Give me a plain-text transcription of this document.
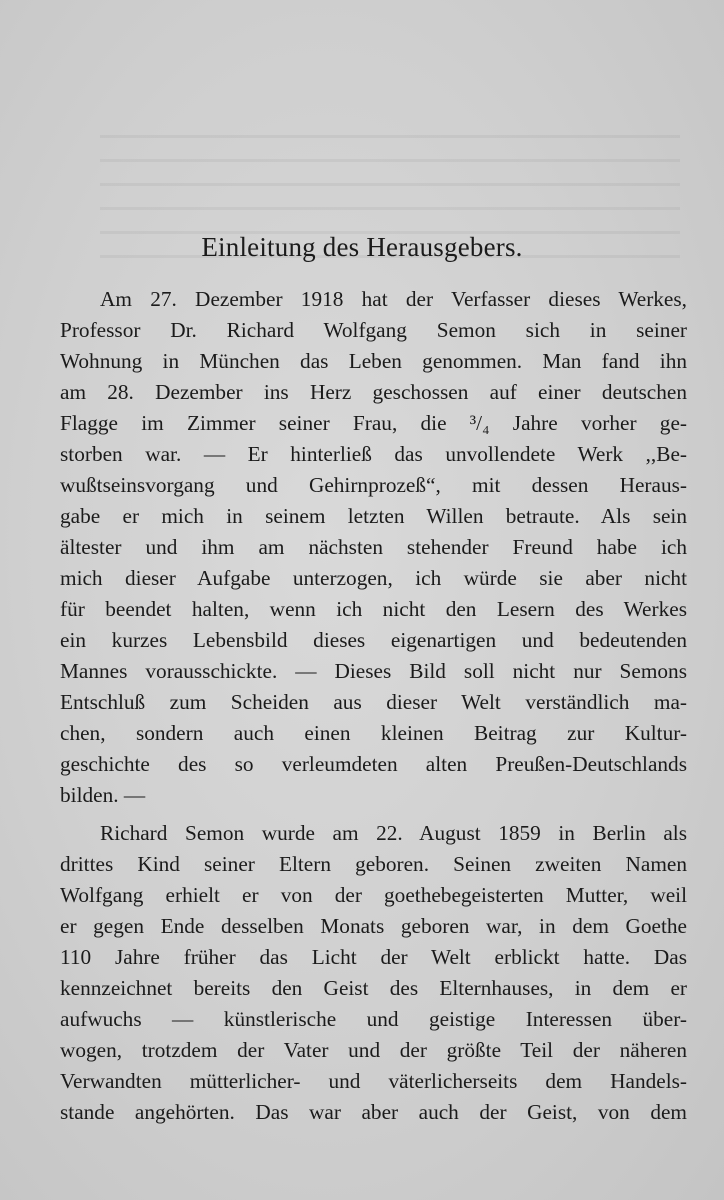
Einleitung des Herausgebers.
Am 27. Dezember 1918 hat der Verfasser dieses Werkes,
Professor Dr. Richard Wolfgang Semon sich in seiner
Wohnung in München das Leben genommen. Man fand ihn
am 28. Dezember ins Herz geschossen auf einer deutschen
Flagge im Zimmer seiner Frau, die ³/₄ Jahre vorher ge-
storben war. — Er hinterließ das unvollendete Werk ,,Be-
wußtseinsvorgang und Gehirnprozeß“, mit dessen Heraus-
gabe er mich in seinem letzten Willen betraute. Als sein
ältester und ihm am nächsten stehender Freund habe ich
mich dieser Aufgabe unterzogen, ich würde sie aber nicht
für beendet halten, wenn ich nicht den Lesern des Werkes
ein kurzes Lebensbild dieses eigenartigen und bedeutenden
Mannes vorausschickte. — Dieses Bild soll nicht nur Semons
Entschluß zum Scheiden aus dieser Welt verständlich ma-
chen, sondern auch einen kleinen Beitrag zur Kultur-
geschichte des so verleumdeten alten Preußen-Deutschlands
bilden. —
Richard Semon wurde am 22. August 1859 in Berlin als
drittes Kind seiner Eltern geboren. Seinen zweiten Namen
Wolfgang erhielt er von der goethebegeisterten Mutter, weil
er gegen Ende desselben Monats geboren war, in dem Goethe
110 Jahre früher das Licht der Welt erblickt hatte. Das
kennzeichnet bereits den Geist des Elternhauses, in dem er
aufwuchs — künstlerische und geistige Interessen über-
wogen, trotzdem der Vater und der größte Teil der näheren
Verwandten mütterlicher- und väterlicherseits dem Handels-
stande angehörten. Das war aber auch der Geist, von dem
